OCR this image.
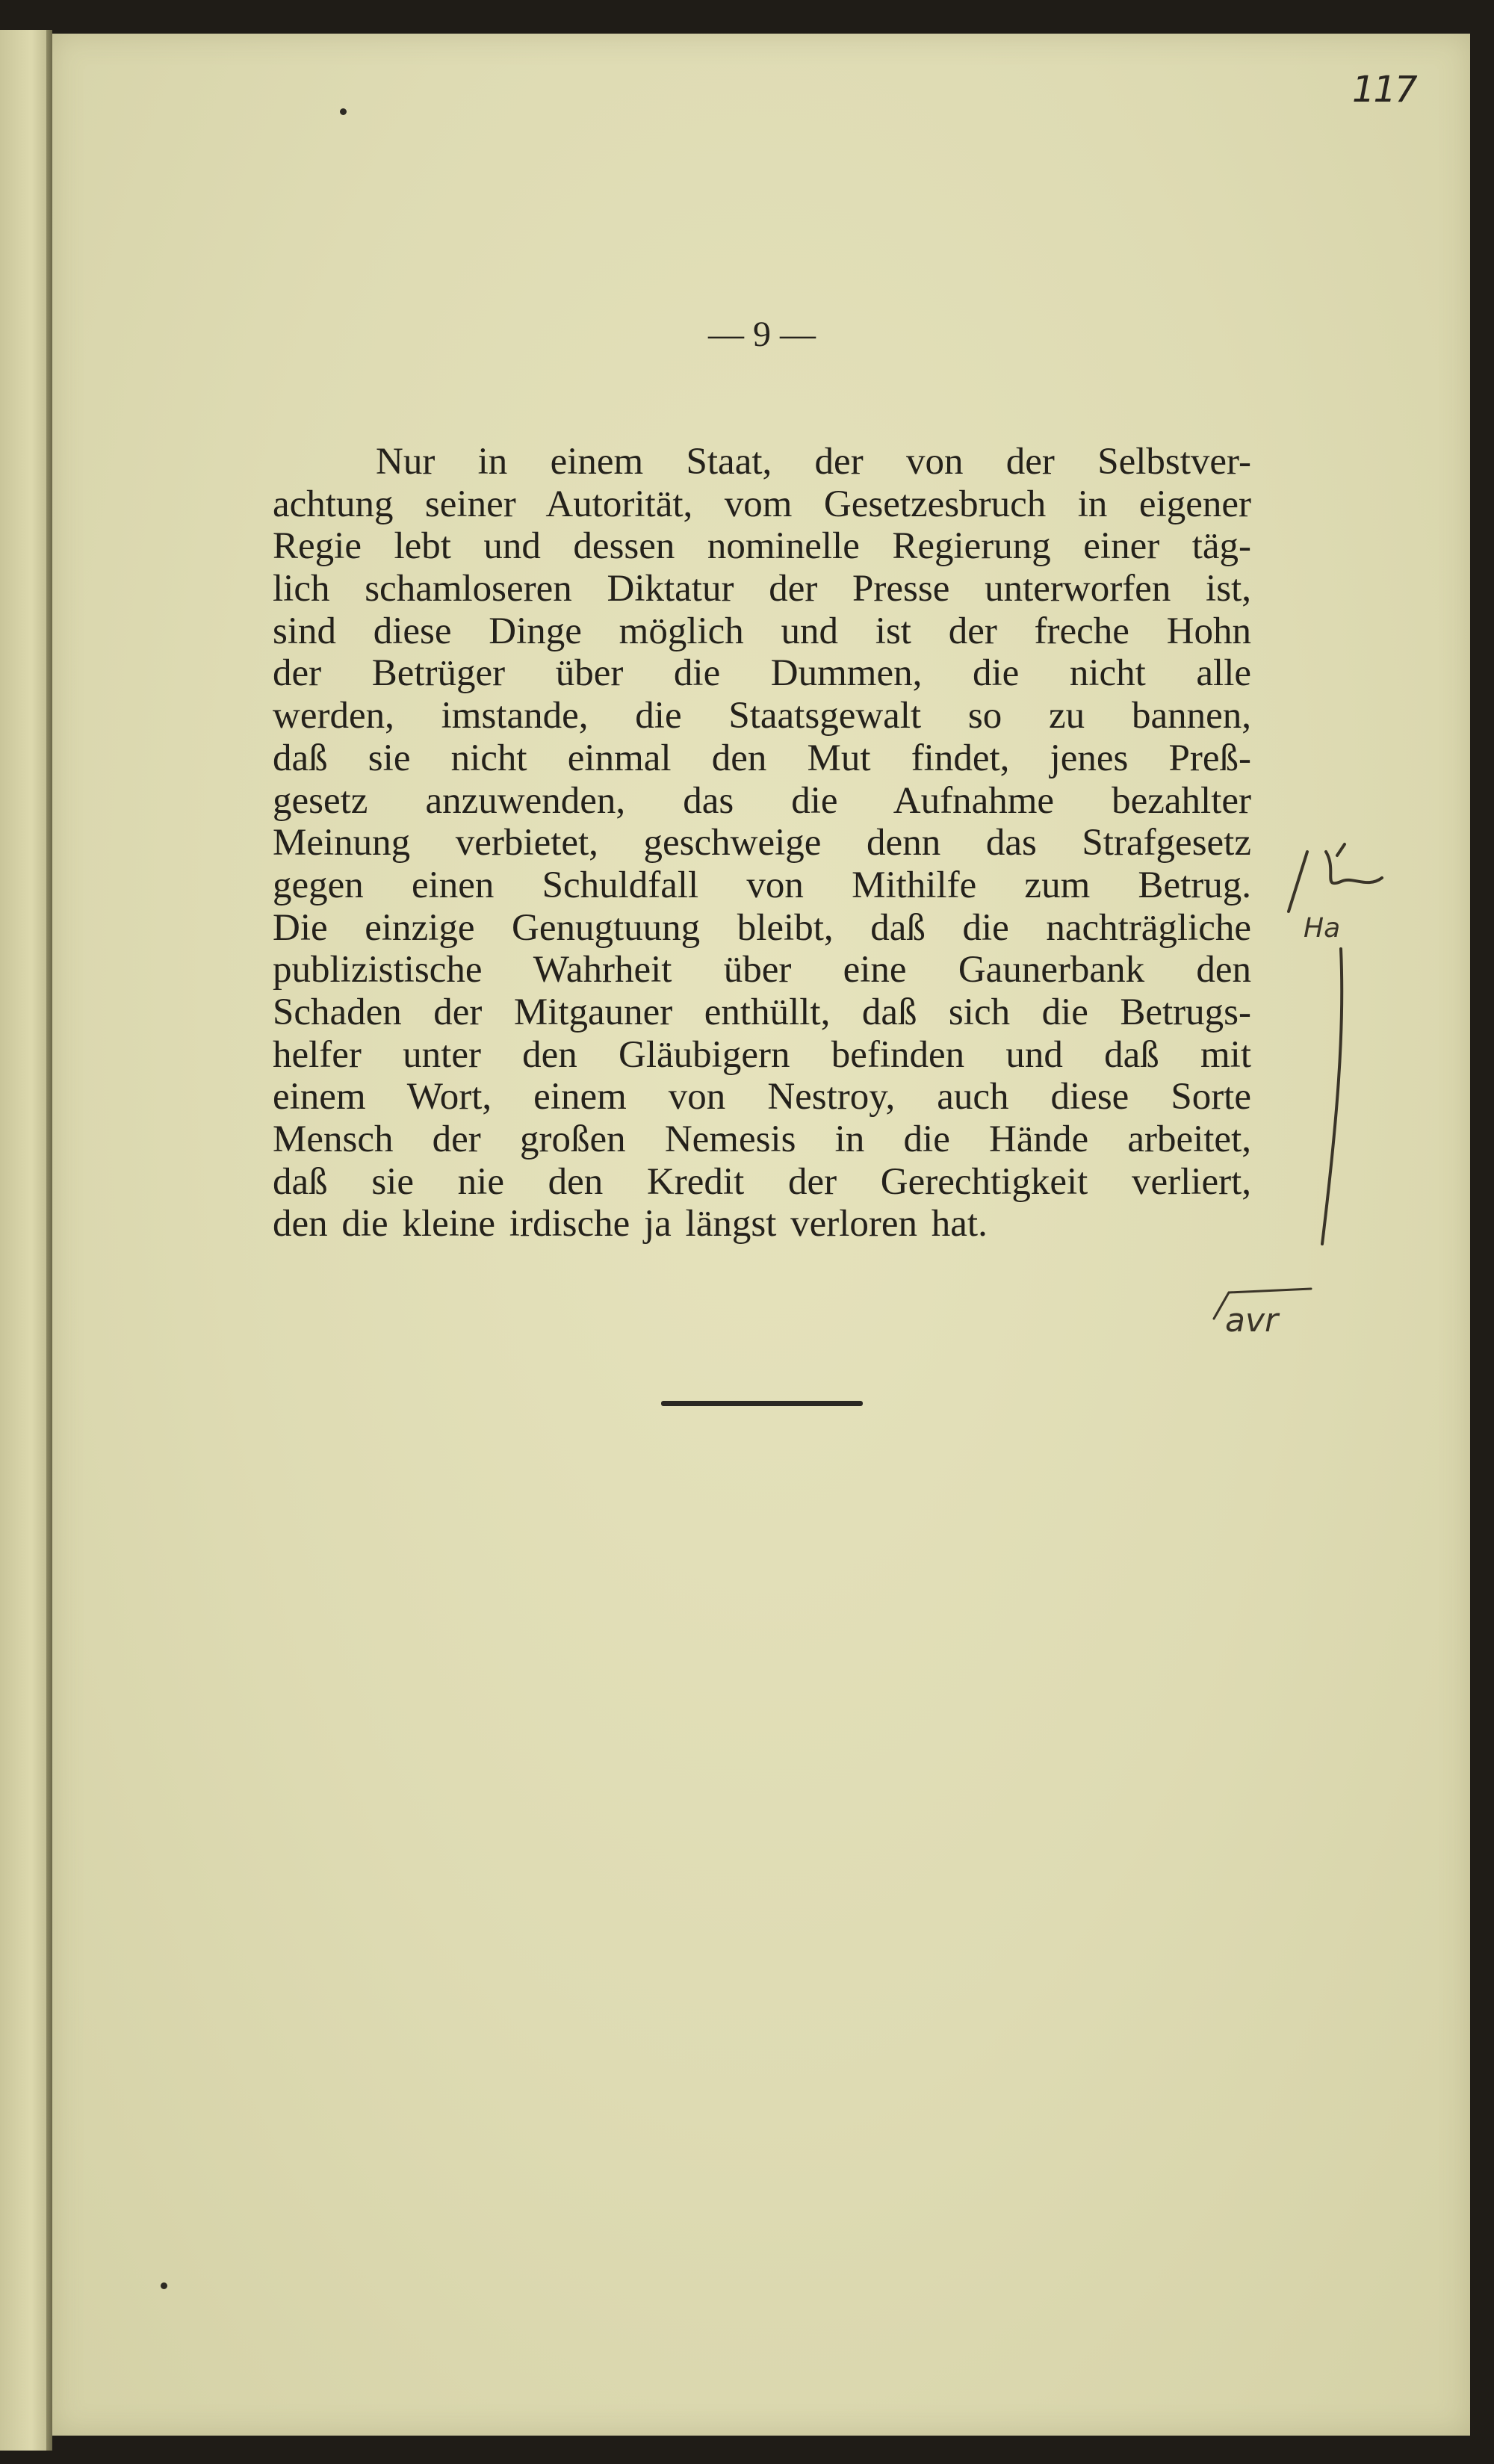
117
— 9 —
Nur in einem Staat, der von der Selbstver-
achtung seiner Autorität, vom Gesetzesbruch in eigener
Regie lebt und dessen nominelle Regierung einer täg-
lich schamloseren Diktatur der Presse unterworfen ist,
sind diese Dinge möglich und ist der freche Hohn
der Betrüger über die Dummen, die nicht alle
werden, imstande, die Staatsgewalt so zu bannen,
daß sie nicht einmal den Mut findet, jenes Preß-
gesetz anzuwenden, das die Aufnahme bezahlter
Meinung verbietet, geschweige denn das Strafgesetz
gegen einen Schuldfall von Mithilfe zum Betrug.
Die einzige Genugtuung bleibt, daß die nachträgliche
publizistische Wahrheit über eine Gaunerbank den
Schaden der Mitgauner enthüllt, daß sich die Betrugs-
helfer unter den Gläubigern befinden und daß mit
einem Wort, einem von Nestroy, auch diese Sorte
Mensch der großen Nemesis in die Hände arbeitet,
daß sie nie den Kredit der Gerechtigkeit verliert,
den die kleine irdische ja längst verloren hat.
Ha
avr
